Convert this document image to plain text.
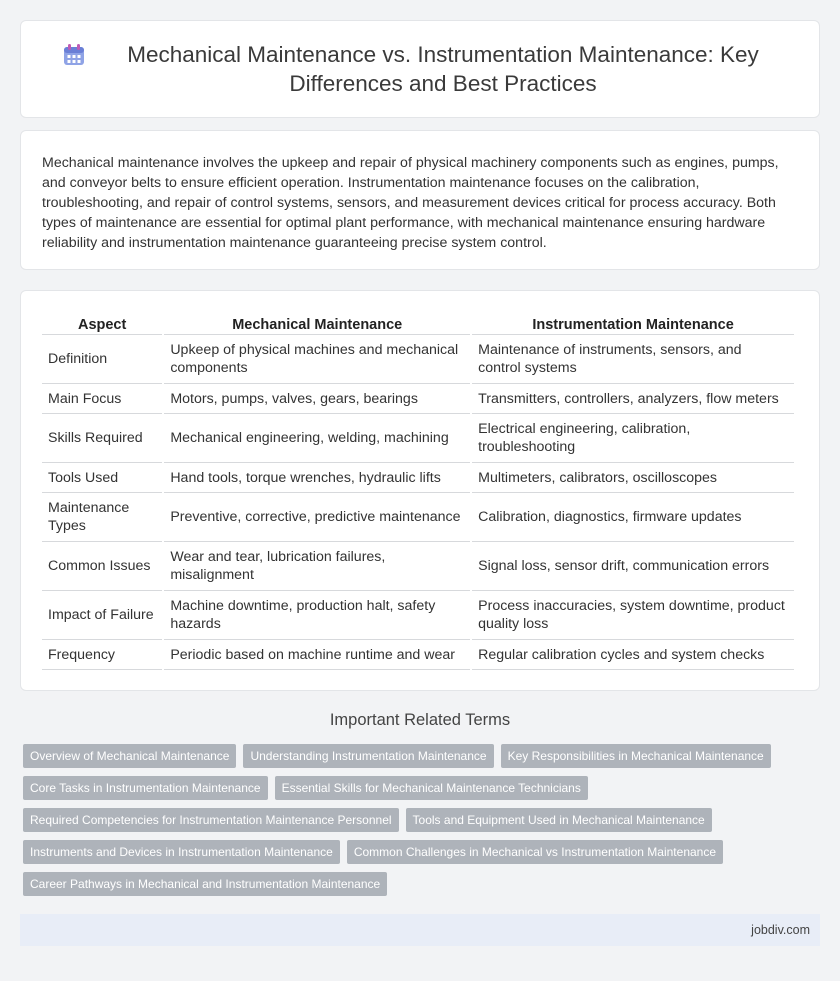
Mechanical Maintenance vs. Instrumentation Maintenance: Key Differences and Best Practices

Mechanical maintenance involves the upkeep and repair of physical machinery components such as engines, pumps, and conveyor belts to ensure efficient operation. Instrumentation maintenance focuses on the calibration, troubleshooting, and repair of control systems, sensors, and measurement devices critical for process accuracy. Both types of maintenance are essential for optimal plant performance, with mechanical maintenance ensuring hardware reliability and instrumentation maintenance guaranteeing precise system control.

Aspect	Mechanical Maintenance	Instrumentation Maintenance
Definition	Upkeep of physical machines and mechanical components	Maintenance of instruments, sensors, and control systems
Main Focus	Motors, pumps, valves, gears, bearings	Transmitters, controllers, analyzers, flow meters
Skills Required	Mechanical engineering, welding, machining	Electrical engineering, calibration, troubleshooting
Tools Used	Hand tools, torque wrenches, hydraulic lifts	Multimeters, calibrators, oscilloscopes
Maintenance Types	Preventive, corrective, predictive maintenance	Calibration, diagnostics, firmware updates
Common Issues	Wear and tear, lubrication failures, misalignment	Signal loss, sensor drift, communication errors
Impact of Failure	Machine downtime, production halt, safety hazards	Process inaccuracies, system downtime, product quality loss
Frequency	Periodic based on machine runtime and wear	Regular calibration cycles and system checks
Important Related Terms
Overview of Mechanical Maintenance	Understanding Instrumentation Maintenance	Key Responsibilities in Mechanical Maintenance
Core Tasks in Instrumentation Maintenance	Essential Skills for Mechanical Maintenance Technicians
Required Competencies for Instrumentation Maintenance Personnel	Tools and Equipment Used in Mechanical Maintenance
Instruments and Devices in Instrumentation Maintenance	Common Challenges in Mechanical vs Instrumentation Maintenance
Career Pathways in Mechanical and Instrumentation Maintenance
jobdiv.com
